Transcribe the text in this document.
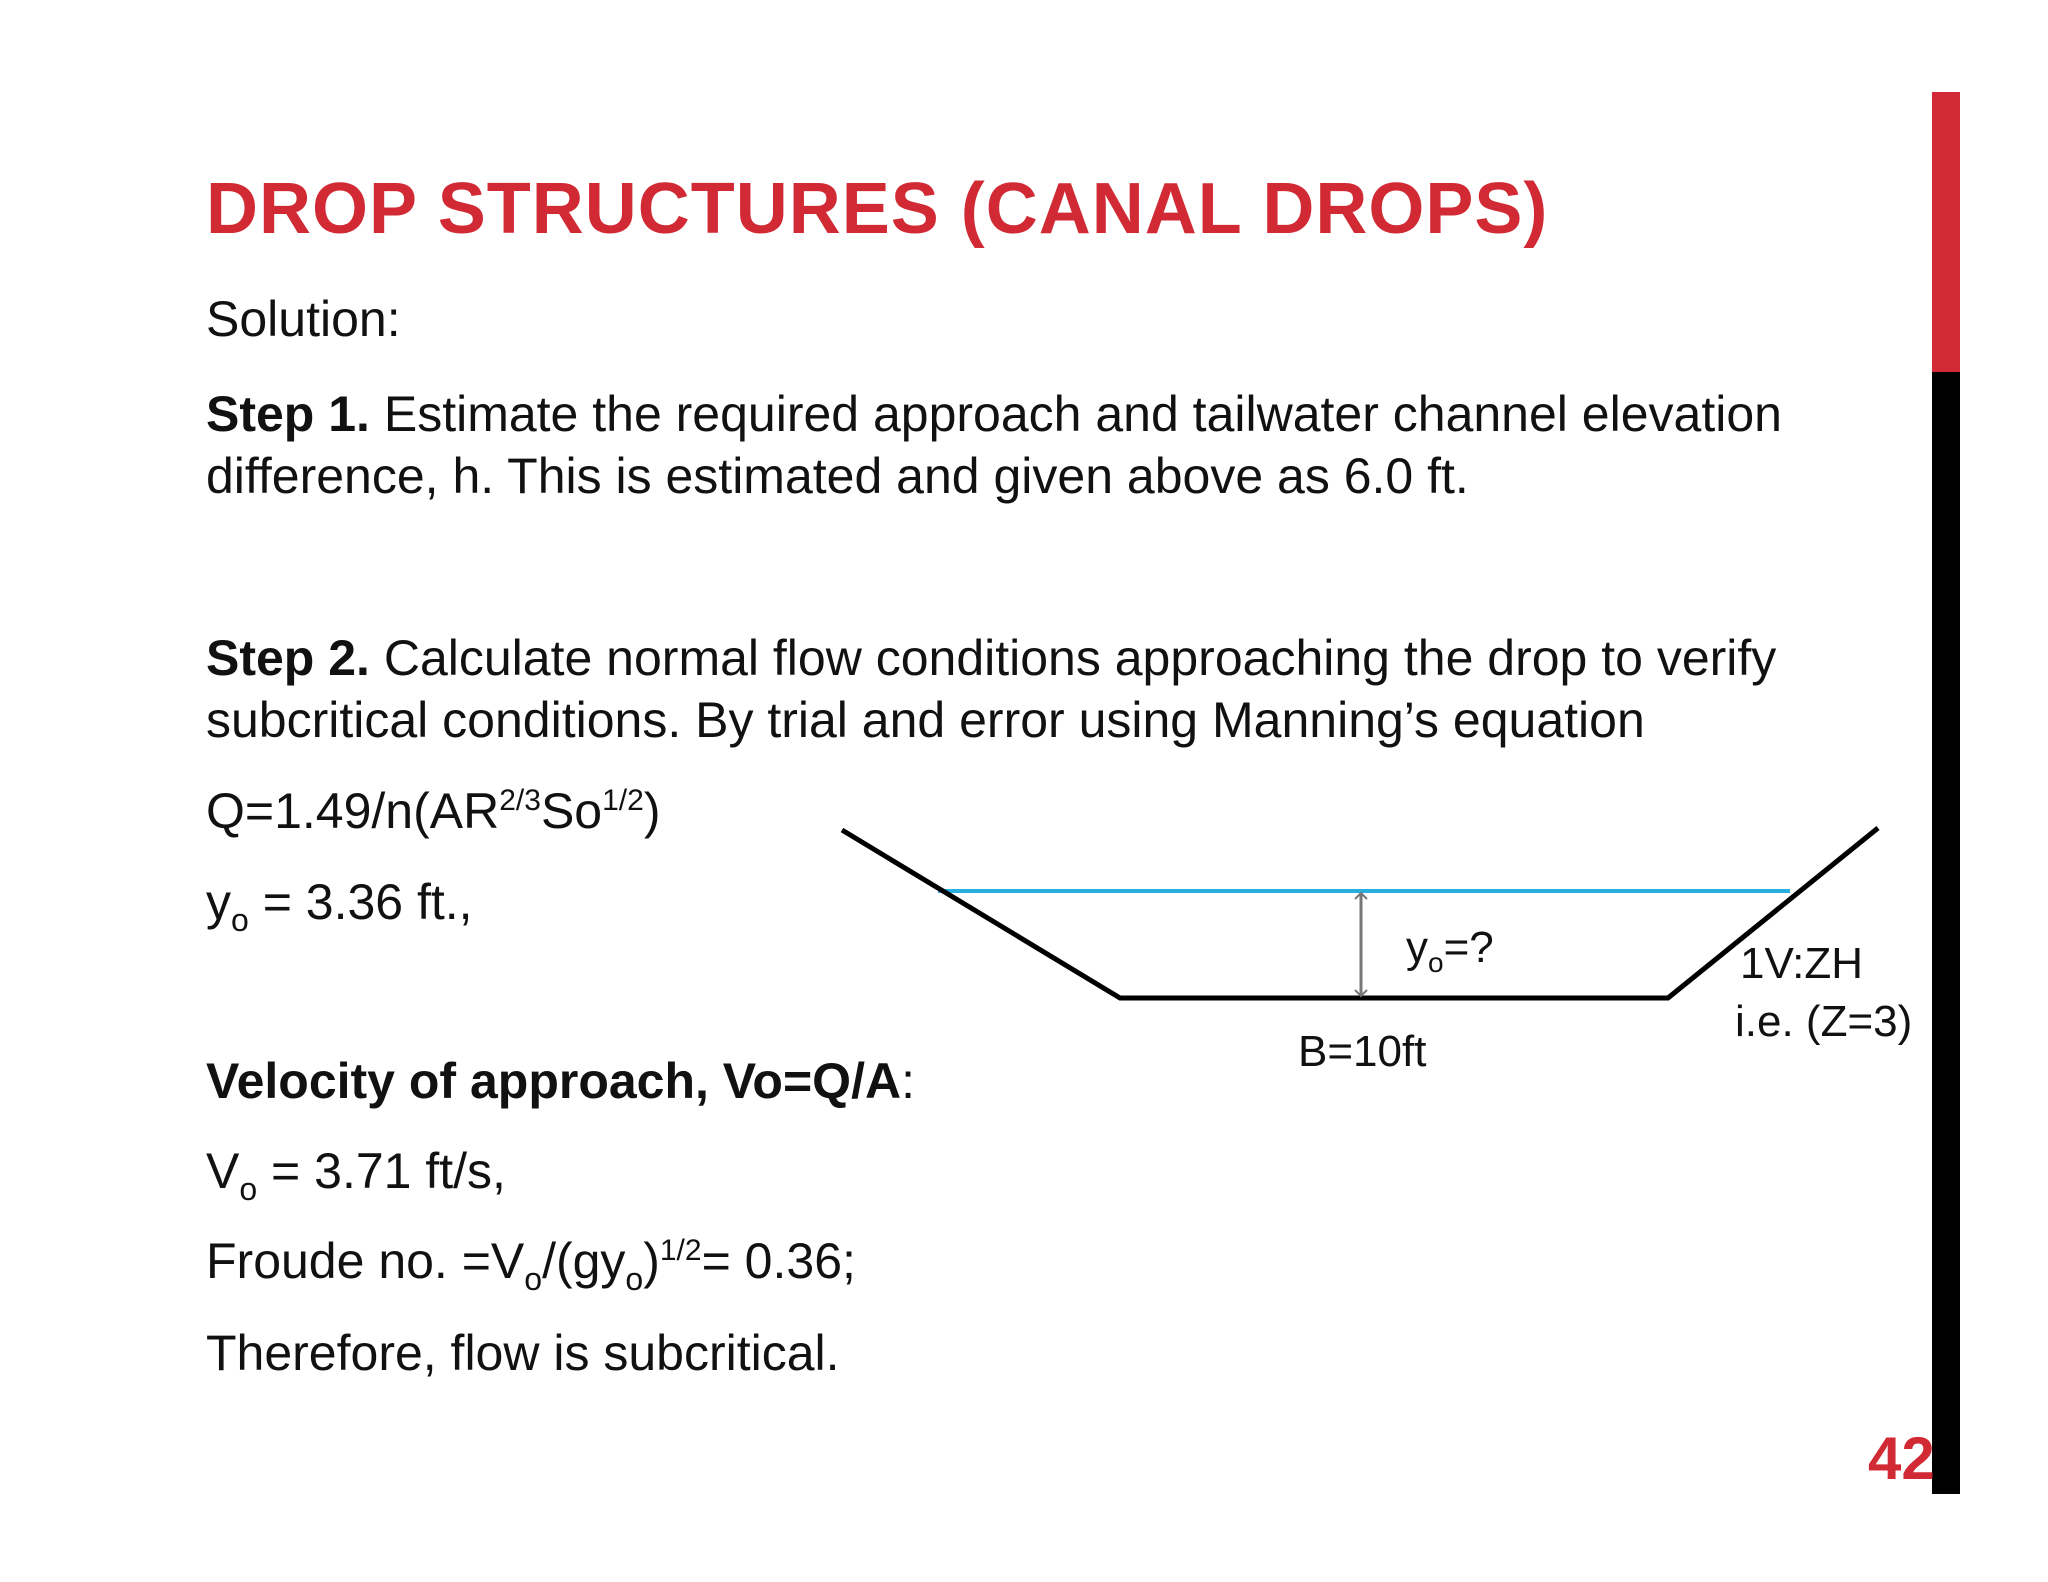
DROP STRUCTURES (CANAL DROPS)
Solution:
Step 1. Estimate the required approach and tailwater channel elevation
difference, h. This is estimated and given above as 6.0 ft.
Step 2. Calculate normal flow conditions approaching the drop to verify
subcritical conditions. By trial and error using Manning’s equation
$Q=1.49/n(AR^{2/3}So^{1/2})$
$y_o = 3.36$ ft.,
Velocity of approach, Vo=Q/A:
$V_o = 3.71$ ft/s,
Froude no. $=V_o/(gy_o)^{1/2}= 0.36$;
Therefore, flow is subcritical.
$y_o=$?
B=10ft
1V:ZH
i.e. (Z=3)
42
